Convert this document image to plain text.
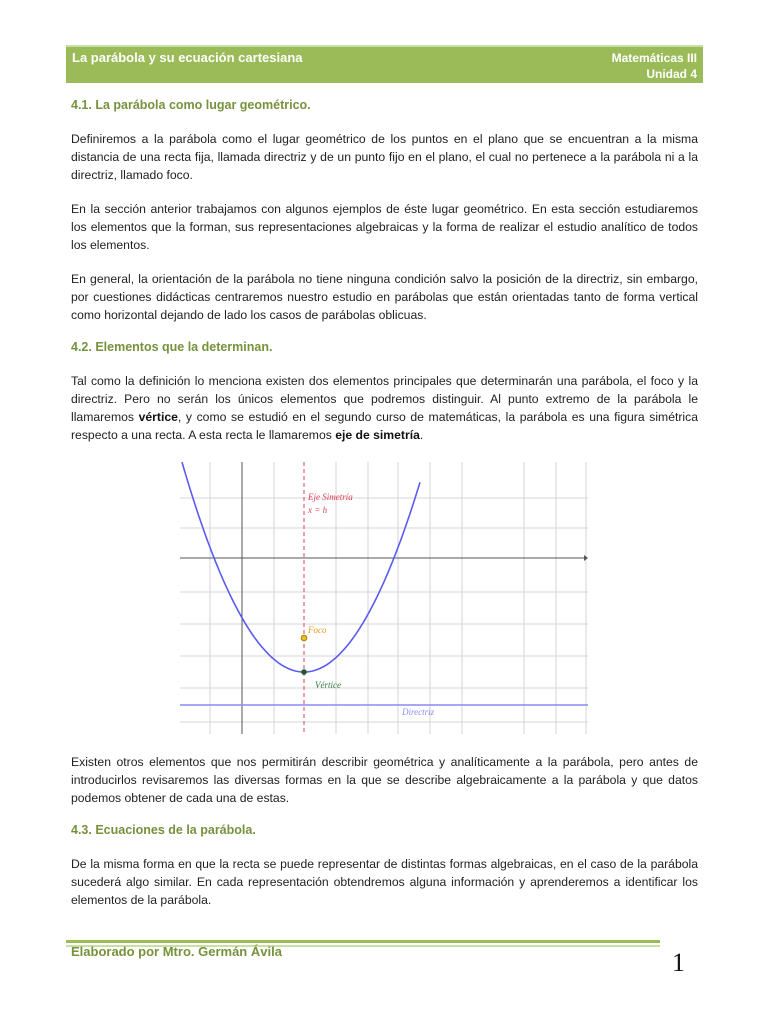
La parábola y su ecuación cartesiana	Matemáticas III
Unidad 4
4.1. La parábola como lugar geométrico.

Definiremos a la parábola como el lugar geométrico de los puntos en el plano que se encuentran a la misma distancia de una recta fija, llamada directriz y de un punto fijo en el plano, el cual no pertenece a la parábola ni a la directriz, llamado foco.

En la sección anterior trabajamos con algunos ejemplos de éste lugar geométrico. En esta sección estudiaremos los elementos que la forman, sus representaciones algebraicas y la forma de realizar el estudio analítico de todos los elementos.

En general, la orientación de la parábola no tiene ninguna condición salvo la posición de la directriz, sin embargo, por cuestiones didácticas centraremos nuestro estudio en parábolas que están orientadas tanto de forma vertical como horizontal dejando de lado los casos de parábolas oblicuas.

4.2. Elementos que la determinan.

Tal como la definición lo menciona existen dos elementos principales que determinarán una parábola, el foco y la directriz. Pero no serán los únicos elementos que podremos distinguir. Al punto extremo de la parábola le llamaremos vértice, y como se estudió en el segundo curso de matemáticas, la parábola es una figura simétrica respecto a una recta. A esta recta le llamaremos eje de simetría.

Existen otros elementos que nos permitirán describir geométrica y analíticamente a la parábola, pero antes de introducirlos revisaremos las diversas formas en la que se describe algebraicamente a la parábola y que datos podemos obtener de cada una de estas.

4.3. Ecuaciones de la parábola.

De la misma forma en que la recta se puede representar de distintas formas algebraicas, en el caso de la parábola sucederá algo similar. En cada representación obtendremos alguna información y aprenderemos a identificar los elementos de la parábola.

Eje Simetría
x = h
Foco
Vértice
Directriz
Elaborado por Mtro. Germán Ávila	1
